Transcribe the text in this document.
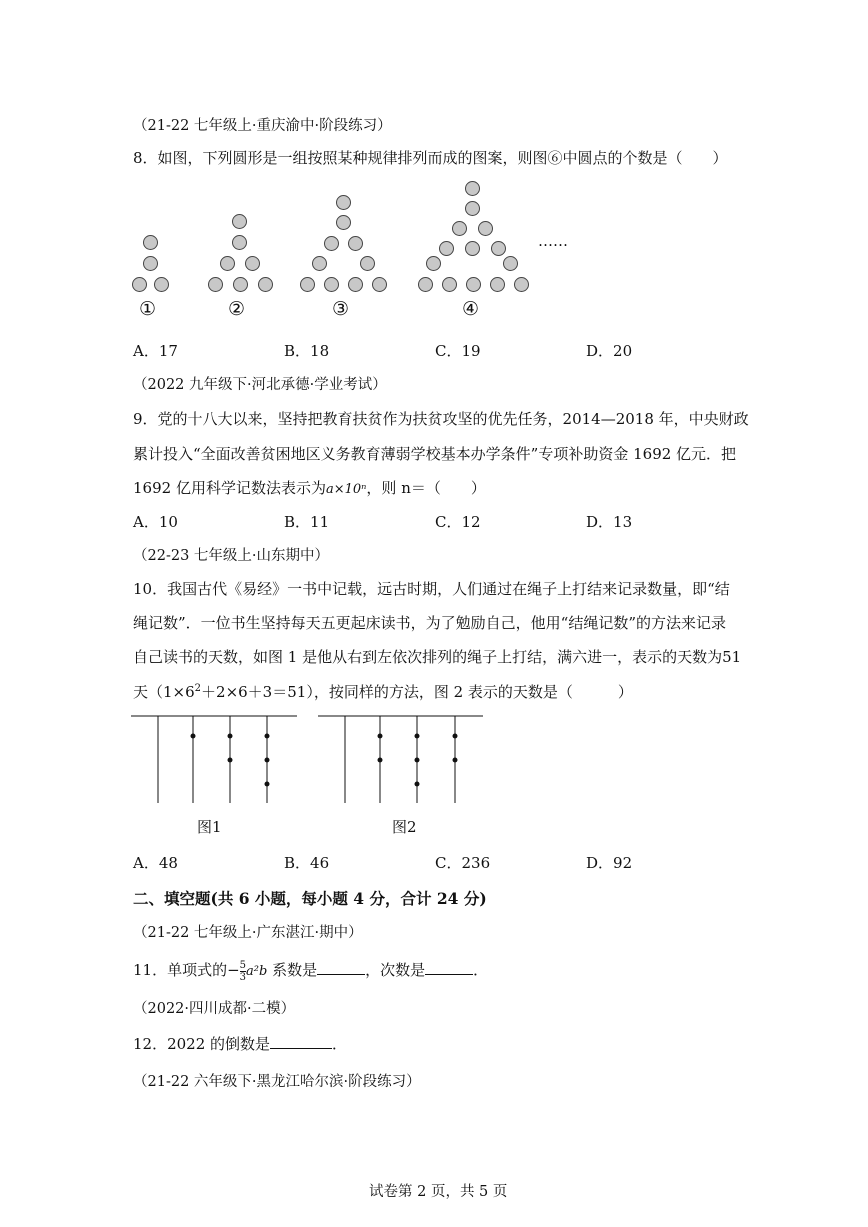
（21-22 七年级上·重庆渝中·阶段练习）
8．如图，下列圆形是一组按照某种规律排列而成的图案，则图⑥中圆点的个数是（　　）
①	②	③	④
……
A．17	B．18	C．19	D．20
（2022 九年级下·河北承德·学业考试）
9．党的十八大以来，坚持把教育扶贫作为扶贫攻坚的优先任务，2014—2018 年，中央财政
累计投入“全面改善贫困地区义务教育薄弱学校基本办学条件”专项补助资金 1692 亿元．把
1692 亿用科学记数法表示为a×10ⁿ，则 n＝（　　）
A．10	B．11	C．12	D．13
（22-23 七年级上·山东期中）
10．我国古代《易经》一书中记载，远古时期，人们通过在绳子上打结来记录数量，即“结
绳记数”．一位书生坚持每天五更起床读书，为了勉励自己，他用“结绳记数”的方法来记录
自己读书的天数，如图 1 是他从右到左依次排列的绳子上打结，满六进一，表示的天数为51
天$(1\times 6^2+2\times 6+3=51)$，按同样的方法，图 2 表示的天数是（　　　）
图1	图2
A．48	B．46	C．236	D．92
二、填空题(共 6 小题，每小题 4 分，合计 24 分)
（21-22 七年级上·广东湛江·期中）
11．单项式的− $\frac{5}{3} a^2b$ 系数是	，次数是	．
（2022·四川成都·二模）
12．2022 的倒数是	．
（21-22 六年级下·黑龙江哈尔滨·阶段练习）
试卷第 2 页，共 5 页
